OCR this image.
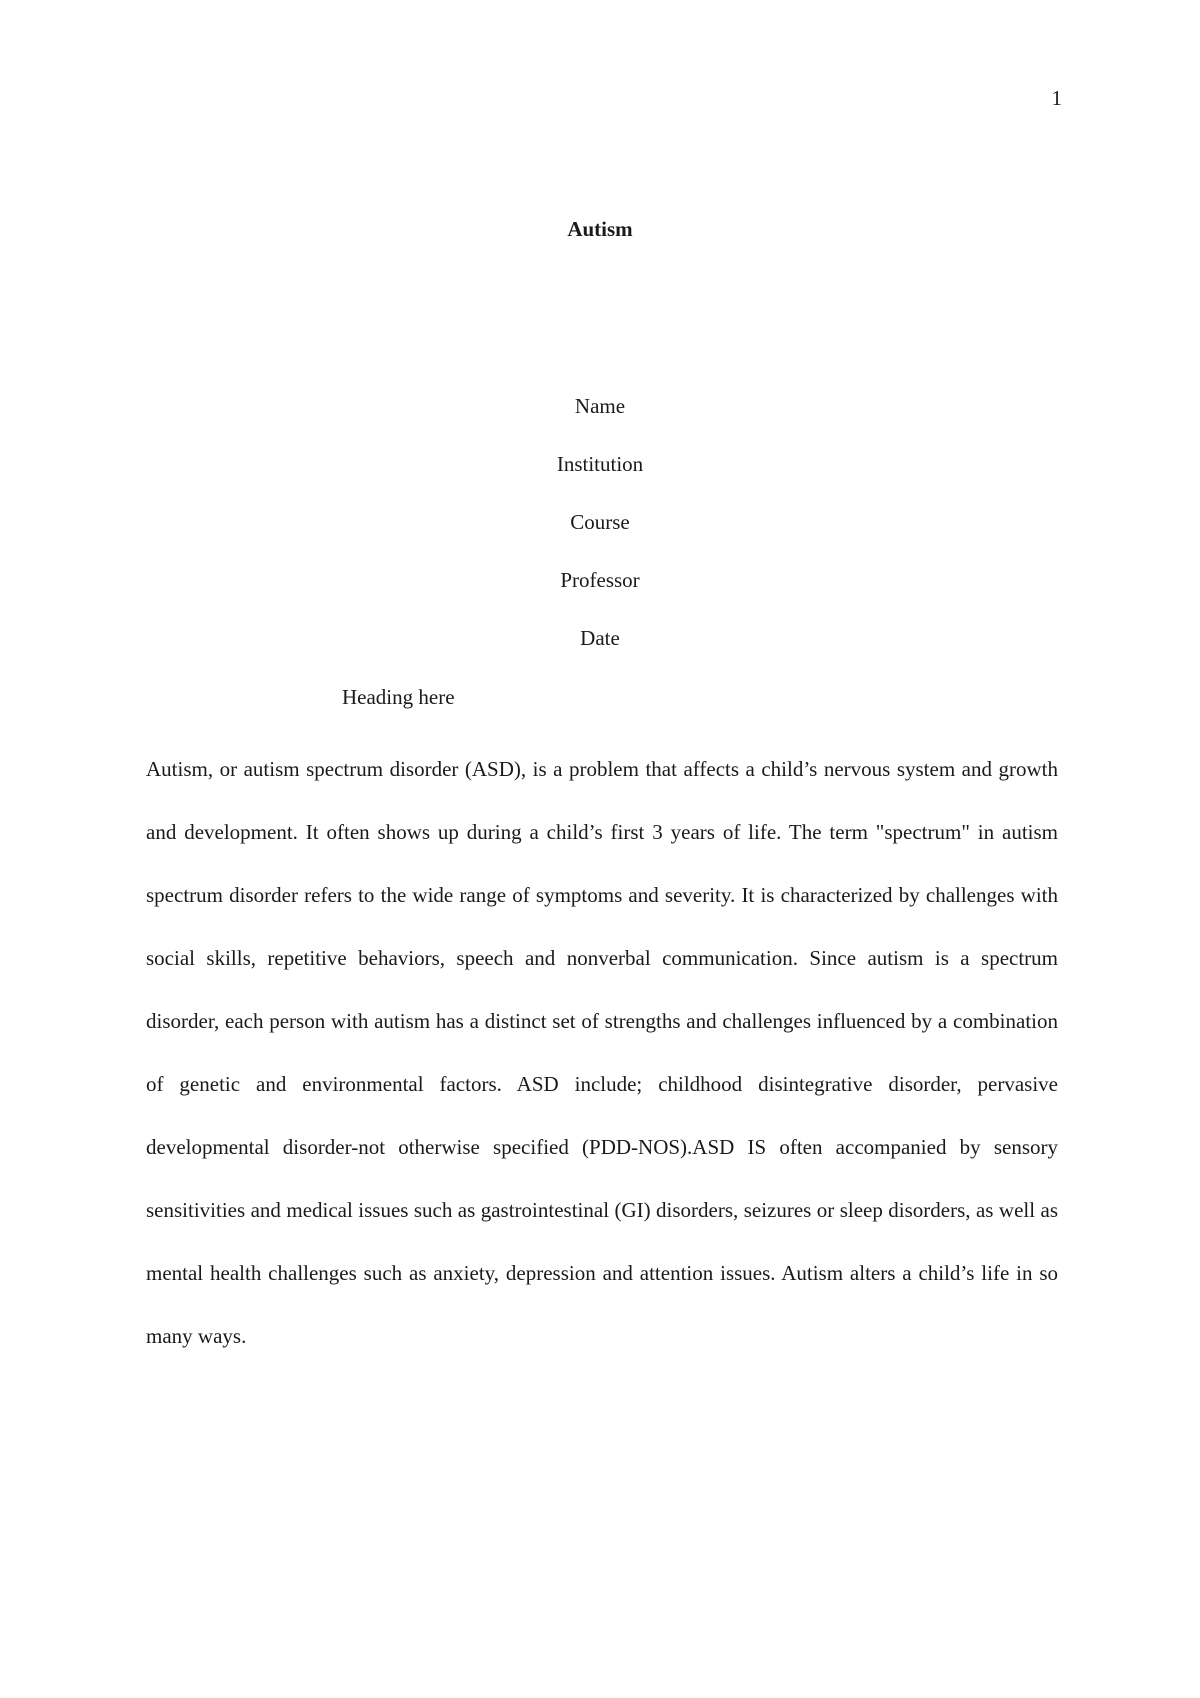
1
Autism
Name
Institution
Course
Professor
Date
Heading here

Autism, or autism spectrum disorder (ASD), is a problem that affects a child’s nervous system and growth and development. It often shows up during a child’s first 3 years of life. The term "spectrum" in autism spectrum disorder refers to the wide range of symptoms and severity. It is characterized by challenges with social skills, repetitive behaviors, speech and nonverbal communication. Since autism is a spectrum disorder, each person with autism has a distinct set of strengths and challenges influenced by a combination of genetic and environmental factors. ASD include; childhood disintegrative disorder, pervasive developmental disorder-not otherwise specified (PDD-NOS).ASD IS often accompanied by sensory sensitivities and medical issues such as gastrointestinal (GI) disorders, seizures or sleep disorders, as well as mental health challenges such as anxiety, depression and attention issues. Autism alters a child’s life in so many ways.
